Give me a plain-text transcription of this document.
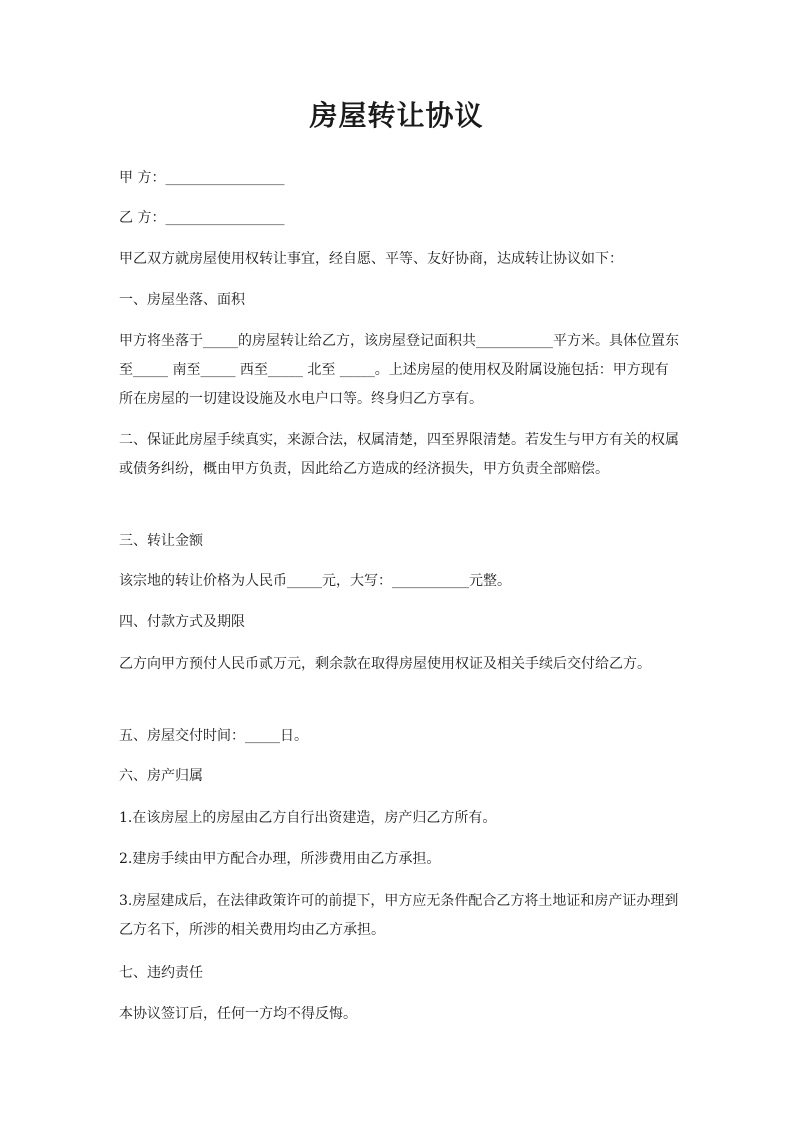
房屋转让协议

甲 方：_________________

乙 方：_________________

甲乙双方就房屋使用权转让事宜，经自愿、平等、友好协商，达成转让协议如下：

一、房屋坐落、面积

甲方将坐落于_____的房屋转让给乙方，该房屋登记面积共___________平方米。具体位置东至_____ 南至_____ 西至_____ 北至 _____。上述房屋的使用权及附属设施包括：甲方现有所在房屋的一切建设设施及水电户口等。终身归乙方享有。

二、保证此房屋手续真实，来源合法，权属清楚，四至界限清楚。若发生与甲方有关的权属或债务纠纷，概由甲方负责，因此给乙方造成的经济损失，甲方负责全部赔偿。

三、转让金额

该宗地的转让价格为人民币_____元，大写：___________元整。

四、付款方式及期限

乙方向甲方预付人民币贰万元，剩余款在取得房屋使用权证及相关手续后交付给乙方。

五、房屋交付时间：_____日。

六、房产归属

1.在该房屋上的房屋由乙方自行出资建造，房产归乙方所有。

2.建房手续由甲方配合办理，所涉费用由乙方承担。

3.房屋建成后，在法律政策许可的前提下，甲方应无条件配合乙方将土地证和房产证办理到乙方名下，所涉的相关费用均由乙方承担。

七、违约责任

本协议签订后，任何一方均不得反悔。
